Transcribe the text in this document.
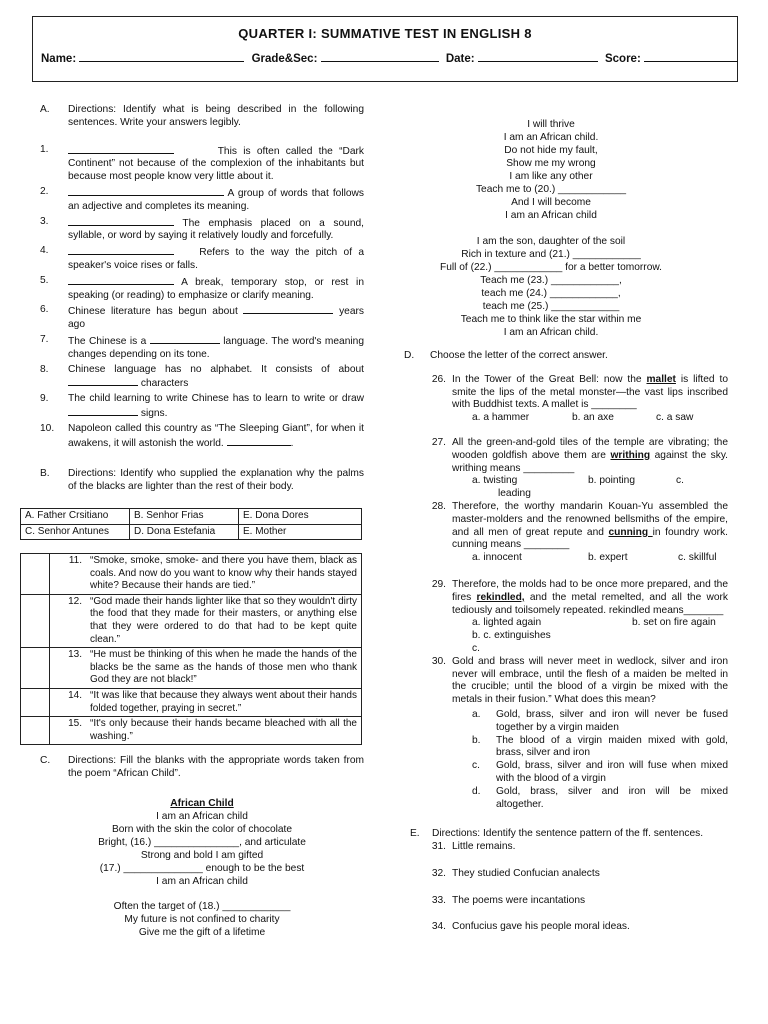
QUARTER I: SUMMATIVE TEST IN ENGLISH 8
Name:	Grade&Sec:	Date:	Score:
A.	Directions: Identify what is being described in the following sentences. Write your answers legibly.
1.	This is often called the “Dark Continent” not because of the complexion of the inhabitants but because most people know very little about it.
2.	A group of words that follows an adjective and completes its meaning.
3.	The emphasis placed on a sound, syllable, or word by saying it relatively loudly and forcefully.
4.	Refers to the way the pitch of a speaker's voice rises or falls.
5.	A break, temporary stop, or rest in speaking (or reading) to emphasize or clarify meaning.
6.	Chinese literature has begun about	years ago
7.	The Chinese is a	language. The word's meaning changes depending on its tone.
8.	Chinese language has no alphabet. It consists of about  characters
9.	The child learning to write Chinese has to learn to write or draw  signs.
10.	Napoleon called this country as “The Sleeping Giant”, for when it awakens, it will astonish the world.	.
B.	Directions: Identify who supplied the explanation why the palms of the blacks are lighter than the rest of their body.
A. Father Crsitiano	B. Senhor Frias	E. Dona Dores
C. Senhor Antunes	D. Dona Estefania	E. Mother
	11.	“Smoke, smoke, smoke- and there you have them, black as coals. And now do you want to know why their hands stayed white? Because their hands are tied.”
	12.	“God made their hands lighter like that so they wouldn't dirty the food that they made for their masters, or anything else that they were ordered to do that had to be kept quite clean.”
	13.	“He must be thinking of this when he made the hands of the blacks be the same as the hands of those men who thank God they are not black!”
	14.	“It was like that because they always went about their hands folded together, praying in secret.”
	15.	“It's only because their hands became bleached with all the washing.”
C.	Directions: Fill the blanks with the appropriate words taken from the poem “African Child”.
African Child
I am an African child
Born with the skin the color of chocolate
Bright, (16.) _______________, and articulate
Strong and bold I am gifted
(17.) ______________ enough to be the best
I am an African child
Often the target of (18.) ____________
My future is not confined to charity
Give me the gift of a lifetime
I will thrive
I am an African child.
Do not hide my fault,
Show me my wrong
I am like any other
Teach me to (20.) ____________
And I will become
I am an African child
I am the son, daughter of the soil
Rich in texture and (21.) ____________
Full of (22.) ____________ for a better tomorrow.
Teach me (23.) ____________,
teach me (24.) ____________,
teach me (25.) ____________
Teach me to think like the star within me
I am an African child.
D.	Choose the letter of the correct answer.
26. In the Tower of the Great Bell: now the mallet is lifted to smite the lips of the metal monster—the vast lips inscribed with Buddhist texts. A mallet is ________
a. a hammer	b. an axe	c. a saw
27. All the green-and-gold tiles of the temple are vibrating; the wooden goldfish above them are writhing against the sky. writhing means _________
a. twisting	b. pointing	c.
leading
28. Therefore, the worthy mandarin Kouan-Yu assembled the master-molders and the renowned bellsmiths of the empire, and all men of great repute and cunning in foundry work. cunning means ________
a. innocent	b. expert	c. skillful
29. Therefore, the molds had to be once more prepared, and the fires rekindled, and the metal remelted, and all the work tediously and toilsomely repeated. rekindled means_______
a. lighted again	b. set on fire again
b. c. extinguishes
c.
30. Gold and brass will never meet in wedlock, silver and iron never will embrace, until the flesh of a maiden be melted in the crucible; until the blood of a virgin be mixed with the metals in their fusion.” What does this mean?
a.	Gold, brass, silver and iron will never be fused together by a virgin maiden
b.	The blood of a virgin maiden mixed with gold, brass, silver and iron
c.	Gold, brass, silver and iron will fuse when mixed with the blood of a virgin
d.	Gold, brass, silver and iron will be mixed altogether.
E.	Directions: Identify the sentence pattern of the ff. sentences.
31. Little remains.
32. They studied Confucian analects
33. The poems were incantations
34. Confucius gave his people moral ideas.
